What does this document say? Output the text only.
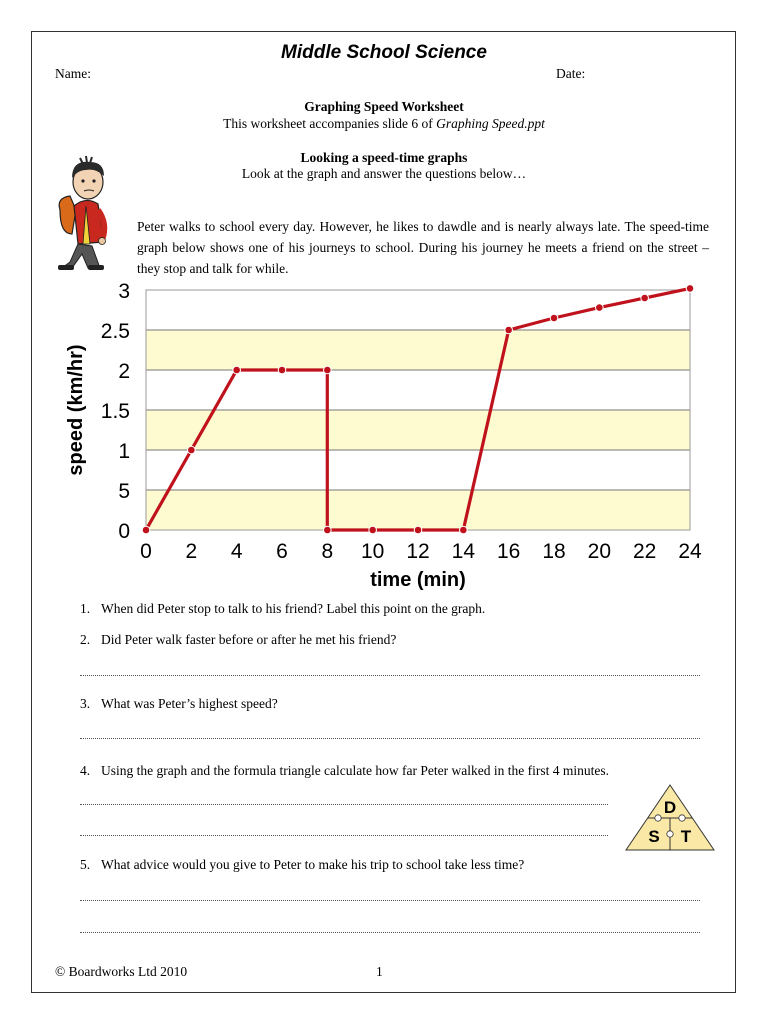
Middle School Science
Name:	Date:
Graphing Speed Worksheet
This worksheet accompanies slide 6 of Graphing Speed.ppt
Looking a speed-time graphs
Look at the graph and answer the questions below…
Peter walks to school every day. However, he likes to dawdle and is nearly always late. The speed-time graph below shows one of his journeys to school. During his journey he meets a friend on the street – they stop and talk for while.
0
5
1
1.5
2
2.5
3
0 2 4 6 8 10 12 14 16 18 20 22 24
time (min)
speed (km/hr)
1. When did Peter stop to talk to his friend? Label this point on the graph.
2. Did Peter walk faster before or after he met his friend?
3. What was Peter’s highest speed?
4. Using the graph and the formula triangle calculate how far Peter walked in the first 4 minutes.
D
S T
5. What advice would you give to Peter to make his trip to school take less time?
© Boardworks Ltd 2010	1
